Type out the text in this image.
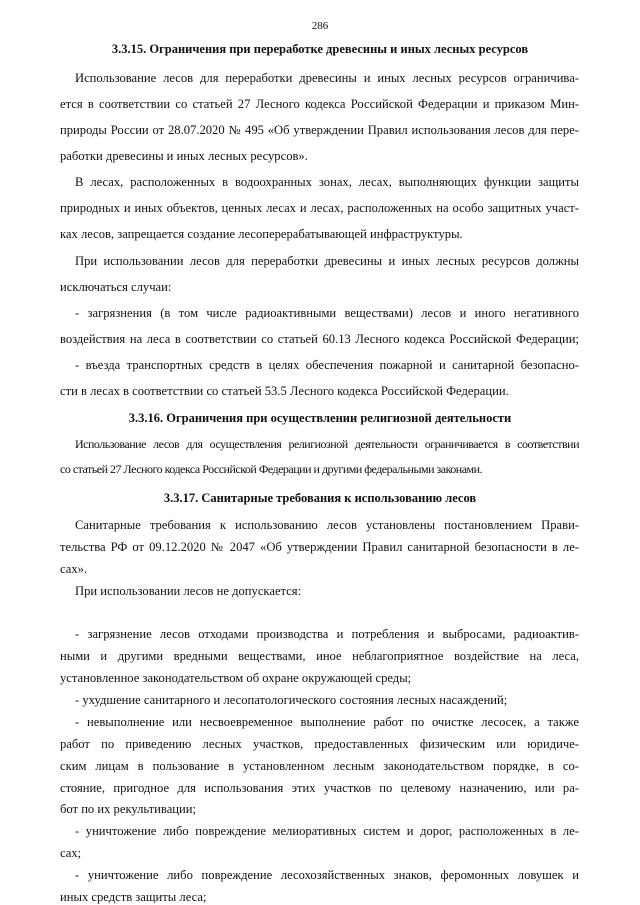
286
3.3.15. Ограничения при переработке древесины и иных лесных ресурсов
Использование лесов для переработки древесины и иных лесных ресурсов ограничива-
ется в соответствии со статьей 27 Лесного кодекса Российской Федерации и приказом Мин-
природы России от 28.07.2020 № 495 «Об утверждении Правил использования лесов для пере-
работки древесины и иных лесных ресурсов».
В лесах, расположенных в водоохранных зонах, лесах, выполняющих функции защиты
природных и иных объектов, ценных лесах и лесах, расположенных на особо защитных участ-
ках лесов, запрещается создание лесоперерабатывающей инфраструктуры.
При использовании лесов для переработки древесины и иных лесных ресурсов должны
исключаться случаи:
- загрязнения (в том числе радиоактивными веществами) лесов и иного негативного
воздействия на леса в соответствии со статьей 60.13 Лесного кодекса Российской Федерации;
- въезда транспортных средств в целях обеспечения пожарной и санитарной безопасно-
сти в лесах в соответствии со статьей 53.5 Лесного кодекса Российской Федерации.
3.3.16. Ограничения при осуществлении религиозной деятельности
Использование лесов для осуществления религиозной деятельности ограничивается в соответствии
со статьей 27 Лесного кодекса Российской Федерации и другими федеральными законами.
3.3.17. Санитарные требования к использованию лесов
Санитарные требования к использованию лесов установлены постановлением Прави-
тельства РФ от 09.12.2020 № 2047 «Об утверждении Правил санитарной безопасности в ле-
сах».
При использовании лесов не допускается:
- загрязнение лесов отходами производства и потребления и выбросами, радиоактив-
ными и другими вредными веществами, иное неблагоприятное воздействие на леса,
установленное законодательством об охране окружающей среды;
- ухудшение санитарного и лесопатологического состояния лесных насаждений;
- невыполнение или несвоевременное выполнение работ по очистке лесосек, а также
работ по приведению лесных участков, предоставленных физическим или юридиче-
ским лицам в пользование в установленном лесным законодательством порядке, в со-
стояние, пригодное для использования этих участков по целевому назначению, или ра-
бот по их рекультивации;
- уничтожение либо повреждение мелиоративных систем и дорог, расположенных в ле-
сах;
- уничтожение либо повреждение лесохозяйственных знаков, феромонных ловушек и
иных средств защиты леса;
